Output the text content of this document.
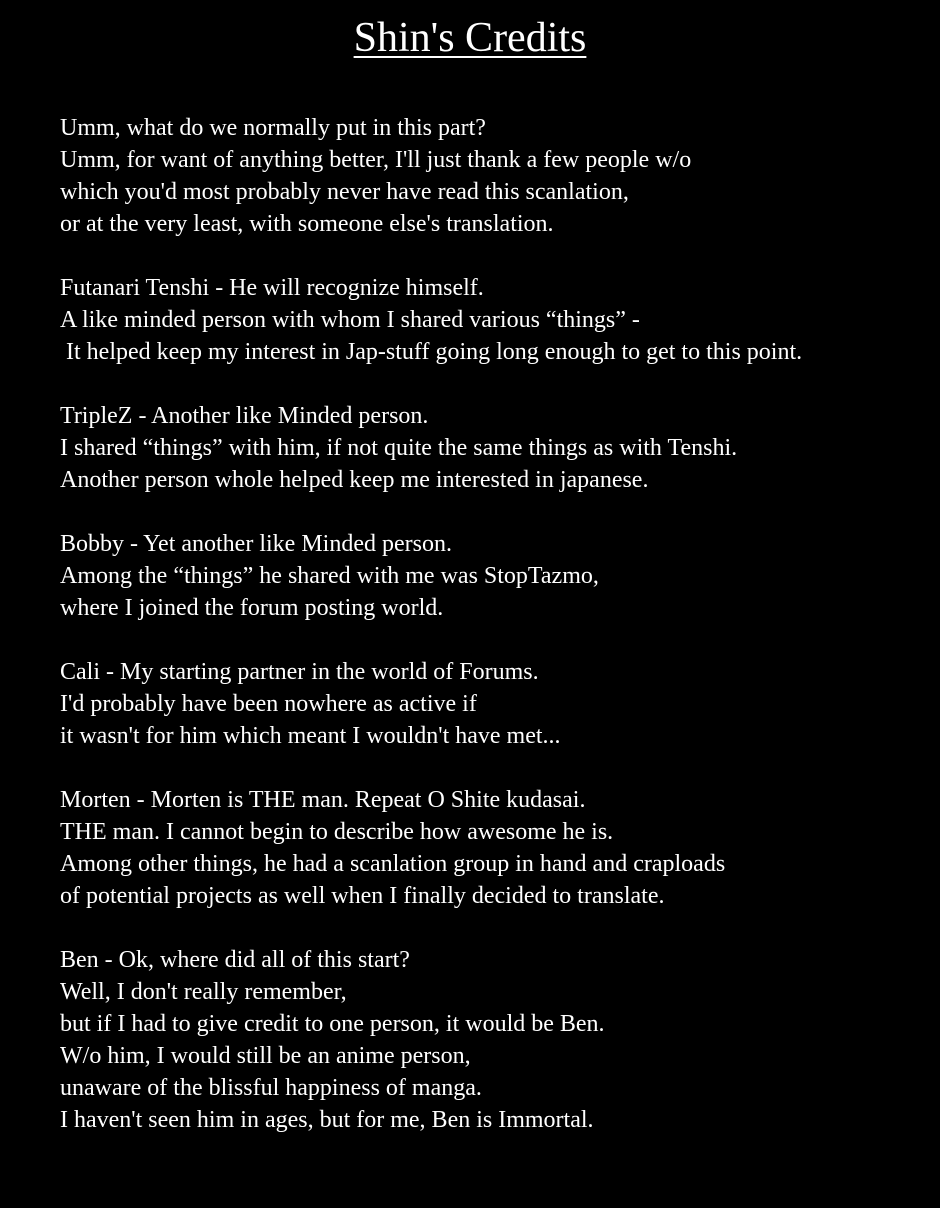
Shin's Credits

Umm, what do we normally put in this part?
Umm, for want of anything better, I'll just thank a few people w/o
which you'd most probably never have read this scanlation,
or at the very least, with someone else's translation.

Futanari Tenshi - He will recognize himself.
A like minded person with whom I shared various “things” -
It helped keep my interest in Jap-stuff going long enough to get to this point.

TripleZ - Another like Minded person.
I shared “things” with him, if not quite the same things as with Tenshi.
Another person whole helped keep me interested in japanese.

Bobby - Yet another like Minded person.
Among the “things” he shared with me was StopTazmo,
where I joined the forum posting world.

Cali - My starting partner in the world of Forums.
I'd probably have been nowhere as active if
it wasn't for him which meant I wouldn't have met...

Morten - Morten is THE man. Repeat O Shite kudasai.
THE man. I cannot begin to describe how awesome he is.
Among other things, he had a scanlation group in hand and craploads
of potential projects as well when I finally decided to translate.

Ben - Ok, where did all of this start?
Well, I don't really remember,
but if I had to give credit to one person, it would be Ben.
W/o him, I would still be an anime person,
unaware of the blissful happiness of manga.
I haven't seen him in ages, but for me, Ben is Immortal.
